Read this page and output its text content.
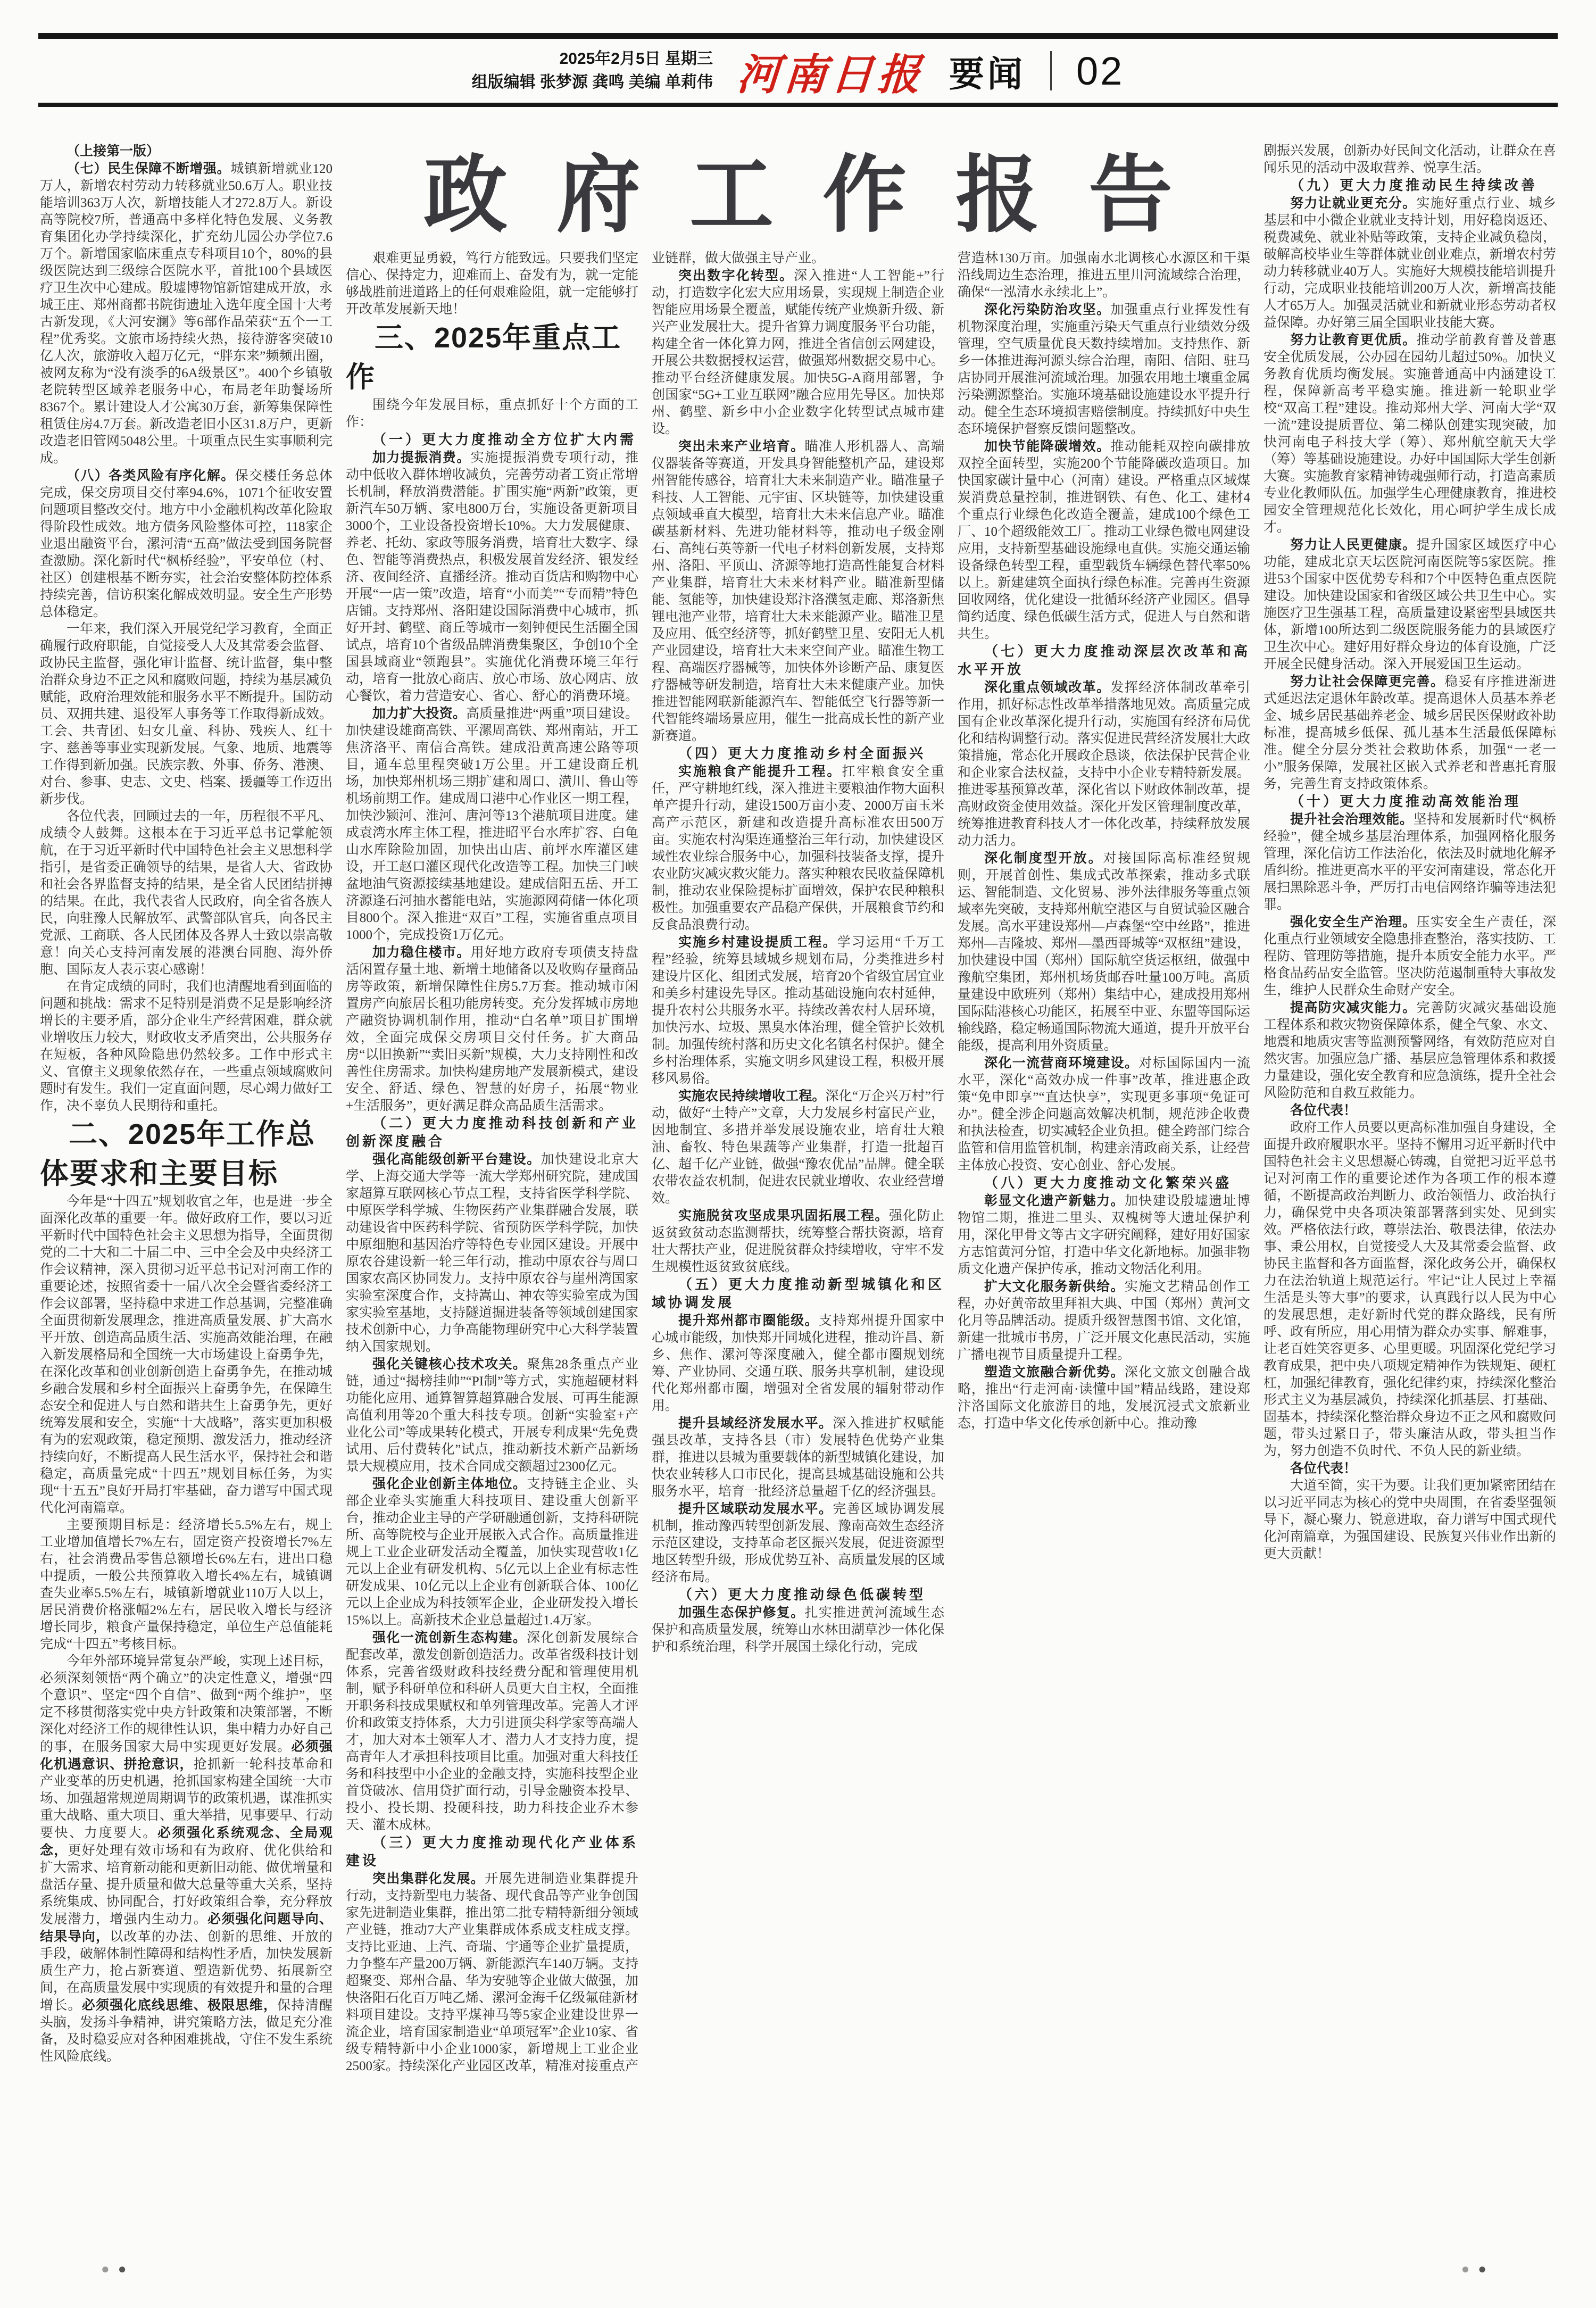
2025年2月5日 星期三
组版编辑 张梦源 龚鸣 美编 单莉伟 河南日报 要闻 02
政府工作报告

（上接第一版）

（七）民生保障不断增强。城镇新增就业120万人，新增农村劳动力转移就业50.6万人。职业技能培训363万人次，新增技能人才272.8万人。新设高等院校7所，普通高中多样化特色发展、义务教育集团化办学持续深化，扩充幼儿园公办学位7.6万个。新增国家临床重点专科项目10个，80%的县级医院达到三级综合医院水平，首批100个县域医疗卫生次中心建成。殷墟博物馆新馆建成开放，永城王庄、郑州商都书院街遗址入选年度全国十大考古新发现，《大河安澜》等6部作品荣获“五个一工程”优秀奖。文旅市场持续火热，接待游客突破10亿人次，旅游收入超万亿元，“胖东来”频频出圈，被网友称为“没有淡季的6A级景区”。400个乡镇敬老院转型区域养老服务中心，布局老年助餐场所8367个。累计建设人才公寓30万套，新筹集保障性租赁住房4.7万套。新改造老旧小区31.8万户，更新改造老旧管网5048公里。十项重点民生实事顺利完成。

（八）各类风险有序化解。保交楼任务总体完成，保交房项目交付率94.6%，1071个征收安置问题项目整改交付。地方中小金融机构改革化险取得阶段性成效。地方债务风险整体可控，118家企业退出融资平台，漯河清“五高”做法受到国务院督查激励。深化新时代“枫桥经验”，平安单位（村、社区）创建根基不断夯实，社会治安整体防控体系持续完善，信访积案化解成效明显。安全生产形势总体稳定。

一年来，我们深入开展党纪学习教育，全面正确履行政府职能，自觉接受人大及其常委会监督、政协民主监督，强化审计监督、统计监督，集中整治群众身边不正之风和腐败问题，持续为基层减负赋能，政府治理效能和服务水平不断提升。国防动员、双拥共建、退役军人事务等工作取得新成效。工会、共青团、妇女儿童、科协、残疾人、红十字、慈善等事业实现新发展。气象、地质、地震等工作得到新加强。民族宗教、外事、侨务、港澳、对台、参事、史志、文史、档案、援疆等工作迈出新步伐。

各位代表，回顾过去的一年，历程很不平凡、成绩令人鼓舞。这根本在于习近平总书记掌舵领航，在于习近平新时代中国特色社会主义思想科学指引，是省委正确领导的结果，是省人大、省政协和社会各界监督支持的结果，是全省人民团结拼搏的结果。在此，我代表省人民政府，向全省各族人民，向驻豫人民解放军、武警部队官兵，向各民主党派、工商联、各人民团体及各界人士致以崇高敬意！向关心支持河南发展的港澳台同胞、海外侨胞、国际友人表示衷心感谢！

在肯定成绩的同时，我们也清醒地看到面临的问题和挑战：需求不足特别是消费不足是影响经济增长的主要矛盾，部分企业生产经营困难，群众就业增收压力较大，财政收支矛盾突出，公共服务存在短板，各种风险隐患仍然较多。工作中形式主义、官僚主义现象依然存在，一些重点领域腐败问题时有发生。我们一定直面问题，尽心竭力做好工作，决不辜负人民期待和重托。

二、2025年工作总体要求和主要目标

今年是“十四五”规划收官之年，也是进一步全面深化改革的重要一年。做好政府工作，要以习近平新时代中国特色社会主义思想为指导，全面贯彻党的二十大和二十届二中、三中全会及中央经济工作会议精神，深入贯彻习近平总书记对河南工作的重要论述，按照省委十一届八次全会暨省委经济工作会议部署，坚持稳中求进工作总基调，完整准确全面贯彻新发展理念，推进高质量发展、扩大高水平开放、创造高品质生活、实施高效能治理，在融入新发展格局和全国统一大市场建设上奋勇争先，在深化改革和创业创新创造上奋勇争先，在推动城乡融合发展和乡村全面振兴上奋勇争先，在保障生态安全和促进人与自然和谐共生上奋勇争先，更好统筹发展和安全，实施“十大战略”，落实更加积极有为的宏观政策，稳定预期、激发活力，推动经济持续向好，不断提高人民生活水平，保持社会和谐稳定，高质量完成“十四五”规划目标任务，为实现“十五五”良好开局打牢基础，奋力谱写中国式现代化河南篇章。

主要预期目标是：经济增长5.5%左右，规上工业增加值增长7%左右，固定资产投资增长7%左右，社会消费品零售总额增长6%左右，进出口稳中提质，一般公共预算收入增长4%左右，城镇调查失业率5.5%左右，城镇新增就业110万人以上，居民消费价格涨幅2%左右，居民收入增长与经济增长同步，粮食产量保持稳定，单位生产总值能耗完成“十四五”考核目标。

今年外部环境异常复杂严峻，实现上述目标，必须深刻领悟“两个确立”的决定性意义，增强“四个意识”、坚定“四个自信”、做到“两个维护”，坚定不移贯彻落实党中央方针政策和决策部署，不断深化对经济工作的规律性认识，集中精力办好自己的事，在服务国家大局中实现更好发展。必须强化机遇意识、拼抢意识，抢抓新一轮科技革命和产业变革的历史机遇，抢抓国家构建全国统一大市场、加强超常规逆周期调节的政策机遇，谋准抓实重大战略、重大项目、重大举措，见事要早、行动要快、力度要大。必须强化系统观念、全局观念，更好处理有效市场和有为政府、优化供给和扩大需求、培育新动能和更新旧动能、做优增量和盘活存量、提升质量和做大总量等重大关系，坚持系统集成、协同配合，打好政策组合拳，充分释放发展潜力，增强内生动力。必须强化问题导向、结果导向，以改革的办法、创新的思维、开放的手段，破解体制性障碍和结构性矛盾，加快发展新质生产力，抢占新赛道、塑造新优势、拓展新空间，在高质量发展中实现质的有效提升和量的合理增长。必须强化底线思维、极限思维，保持清醒头脑，发扬斗争精神，讲究策略方法，做足充分准备，及时稳妥应对各种困难挑战，守住不发生系统性风险底线。

艰难更显勇毅，笃行方能致远。只要我们坚定信心、保持定力，迎难而上、奋发有为，就一定能够战胜前进道路上的任何艰难险阻，就一定能够打开改革发展新天地！

三、2025年重点工作

围绕今年发展目标，重点抓好十个方面的工作：

（一）更大力度推动全方位扩大内需

加力提振消费。实施提振消费专项行动，推动中低收入群体增收减负，完善劳动者工资正常增长机制，释放消费潜能。扩围实施“两新”政策，更新汽车50万辆、家电800万台，实施设备更新项目3000个，工业设备投资增长10%。大力发展健康、养老、托幼、家政等服务消费，培育壮大数字、绿色、智能等消费热点，积极发展首发经济、银发经济、夜间经济、直播经济。推动百货店和购物中心开展“一店一策”改造，培育“小而美”“专而精”特色店铺。支持郑州、洛阳建设国际消费中心城市，抓好开封、鹤壁、商丘等城市一刻钟便民生活圈全国试点，培育10个省级品牌消费集聚区，争创10个全国县域商业“领跑县”。实施优化消费环境三年行动，培育一批放心商店、放心市场、放心网店、放心餐饮，着力营造安心、省心、舒心的消费环境。

加力扩大投资。高质量推进“两重”项目建设。加快建设雄商高铁、平漯周高铁、郑州南站，开工焦济洛平、南信合高铁。建成沿黄高速公路等项目，通车总里程突破1万公里。开工建设商丘机场，加快郑州机场三期扩建和周口、潢川、鲁山等机场前期工作。建成周口港中心作业区一期工程，加快沙颍河、淮河、唐河等13个港航项目进度。建成袁湾水库主体工程，推进昭平台水库扩容、白龟山水库除险加固，加快出山店、前坪水库灌区建设，开工赵口灌区现代化改造等工程。加快三门峡盆地油气资源接续基地建设。建成信阳五岳、开工济源逢石河抽水蓄能电站，实施源网荷储一体化项目800个。深入推进“双百”工程，实施省重点项目1000个，完成投资1万亿元。

加力稳住楼市。用好地方政府专项债支持盘活闲置存量土地、新增土地储备以及收购存量商品房等政策，新增保障性住房5.7万套。推动城市闲置房产向旅居长租功能房转变。充分发挥城市房地产融资协调机制作用，推动“白名单”项目扩围增效，全面完成保交房项目交付任务。扩大商品房“以旧换新”“卖旧买新”规模，大力支持刚性和改善性住房需求。加快构建房地产发展新模式，建设安全、舒适、绿色、智慧的好房子，拓展“物业+生活服务”，更好满足群众高品质生活需求。

（二）更大力度推动科技创新和产业创新深度融合

强化高能级创新平台建设。加快建设北京大学、上海交通大学等一流大学郑州研究院，建成国家超算互联网核心节点工程，支持省医学科学院、中原医学科学城、生物医药产业集群融合发展，联动建设省中医药科学院、省预防医学科学院，加快中原细胞和基因治疗等特色专业园区建设。开展中原农谷建设新一轮三年行动，推动中原农谷与周口国家农高区协同发力。支持中原农谷与崖州湾国家实验室深度合作，支持嵩山、神农等实验室成为国家实验室基地，支持隧道掘进装备等领域创建国家技术创新中心，力争高能物理研究中心大科学装置纳入国家规划。

强化关键核心技术攻关。聚焦28条重点产业链，通过“揭榜挂帅”“PI制”等方式，实施超硬材料功能化应用、通算智算超算融合发展、可再生能源高值利用等20个重大科技专项。创新“实验室+产业化公司”等成果转化模式，开展专利成果“先免费试用、后付费转化”试点，推动新技术新产品新场景大规模应用，技术合同成交额超过2300亿元。

强化企业创新主体地位。支持链主企业、头部企业牵头实施重大科技项目、建设重大创新平台，推动企业主导的产学研融通创新，支持科研院所、高等院校与企业开展嵌入式合作。高质量推进规上工业企业研发活动全覆盖，加快实现营收1亿元以上企业有研发机构、5亿元以上企业有标志性研发成果、10亿元以上企业有创新联合体、100亿元以上企业成为科技领军企业，企业研发投入增长15%以上。高新技术企业总量超过1.4万家。

强化一流创新生态构建。深化创新发展综合配套改革，激发创新创造活力。改革省级科技计划体系，完善省级财政科技经费分配和管理使用机制，赋予科研单位和科研人员更大自主权，全面推开职务科技成果赋权和单列管理改革。完善人才评价和政策支持体系，大力引进顶尖科学家等高端人才，加大对本土领军人才、潜力人才支持力度，提高青年人才承担科技项目比重。加强对重大科技任务和科技型中小企业的金融支持，实施科技型企业首贷破冰、信用贷扩面行动，引导金融资本投早、投小、投长期、投硬科技，助力科技企业乔木参天、灌木成林。

（三）更大力度推动现代化产业体系建设

突出集群化发展。开展先进制造业集群提升行动，支持新型电力装备、现代食品等产业争创国家先进制造业集群，推出第二批专精特新细分领域产业链，推动7大产业集群成体系成支柱成支撑。支持比亚迪、上汽、奇瑞、宇通等企业扩量提质，力争整车产量200万辆、新能源汽车140万辆。支持超聚变、郑州合晶、华为安驰等企业做大做强，加快洛阳石化百万吨乙烯、漯河金海千亿级氟硅新材料项目建设。支持平煤神马等5家企业建设世界一流企业，培育国家制造业“单项冠军”企业10家、省级专精特新中小企业1000家，新增规上工业企业2500家。持续深化产业园区改革，精准对接重点产

业链群，做大做强主导产业。

突出数字化转型。深入推进“人工智能+”行动，打造数字化宏大应用场景，实现规上制造企业智能应用场景全覆盖，赋能传统产业焕新升级、新兴产业发展壮大。提升省算力调度服务平台功能，构建全省一体化算力网，推进全省信创云网建设，开展公共数据授权运营，做强郑州数据交易中心。推动平台经济健康发展。加快5G-A商用部署，争创国家“5G+工业互联网”融合应用先导区。加快郑州、鹤壁、新乡中小企业数字化转型试点城市建设。

突出未来产业培育。瞄准人形机器人、高端仪器装备等赛道，开发具身智能整机产品，建设郑州智能传感谷，培育壮大未来制造产业。瞄准量子科技、人工智能、元宇宙、区块链等，加快建设重点领域垂直大模型，培育壮大未来信息产业。瞄准碳基新材料、先进功能材料等，推动电子级金刚石、高纯石英等新一代电子材料创新发展，支持郑州、洛阳、平顶山、济源等地打造高性能复合材料产业集群，培育壮大未来材料产业。瞄准新型储能、氢能等，加快建设郑汴洛濮氢走廊、郑洛新焦锂电池产业带，培育壮大未来能源产业。瞄准卫星及应用、低空经济等，抓好鹤壁卫星、安阳无人机产业园建设，培育壮大未来空间产业。瞄准生物工程、高端医疗器械等，加快体外诊断产品、康复医疗器械等研发制造，培育壮大未来健康产业。加快推进智能网联新能源汽车、智能低空飞行器等新一代智能终端场景应用，催生一批高成长性的新产业新赛道。

（四）更大力度推动乡村全面振兴

实施粮食产能提升工程。扛牢粮食安全重任，严守耕地红线，深入推进主要粮油作物大面积单产提升行动，建设1500万亩小麦、2000万亩玉米高产示范区，新建和改造提升高标准农田500万亩。实施农村沟渠连通整治三年行动，加快建设区域性农业综合服务中心，加强科技装备支撑，提升农业防灾减灾救灾能力。落实种粮农民收益保障机制，推动农业保险提标扩面增效，保护农民种粮积极性。加强重要农产品稳产保供，开展粮食节约和反食品浪费行动。

实施乡村建设提质工程。学习运用“千万工程”经验，统筹县域城乡规划布局，分类推进乡村建设片区化、组团式发展，培育20个省级宜居宜业和美乡村建设先导区。推动基础设施向农村延伸，提升农村公共服务水平。持续改善农村人居环境，加快污水、垃圾、黑臭水体治理，健全管护长效机制。加强传统村落和历史文化名镇名村保护。健全乡村治理体系，实施文明乡风建设工程，积极开展移风易俗。

实施农民持续增收工程。深化“万企兴万村”行动，做好“土特产”文章，大力发展乡村富民产业，因地制宜、多措并举发展设施农业，培育壮大粮油、畜牧、特色果蔬等产业集群，打造一批超百亿、超千亿产业链，做强“豫农优品”品牌。健全联农带农益农机制，促进农民就业增收、农业经营增效。

实施脱贫攻坚成果巩固拓展工程。强化防止返贫致贫动态监测帮扶，统筹整合帮扶资源，培育壮大帮扶产业，促进脱贫群众持续增收，守牢不发生规模性返贫致贫底线。

（五）更大力度推动新型城镇化和区域协调发展

提升郑州都市圈能级。支持郑州提升国家中心城市能级，加快郑开同城化进程，推动许昌、新乡、焦作、漯河等深度融入，健全都市圈规划统筹、产业协同、交通互联、服务共享机制，建设现代化郑州都市圈，增强对全省发展的辐射带动作用。

提升县域经济发展水平。深入推进扩权赋能强县改革，支持各县（市）发展特色优势产业集群，推进以县城为重要载体的新型城镇化建设，加快农业转移人口市民化，提高县城基础设施和公共服务水平，培育一批经济总量超千亿的经济强县。

提升区域联动发展水平。完善区域协调发展机制，推动豫西转型创新发展、豫南高效生态经济示范区建设，支持革命老区振兴发展，促进资源型地区转型升级，形成优势互补、高质量发展的区域经济布局。

（六）更大力度推动绿色低碳转型

加强生态保护修复。扎实推进黄河流域生态保护和高质量发展，统筹山水林田湖草沙一体化保护和系统治理，科学开展国土绿化行动，完成

营造林130万亩。加强南水北调核心水源区和干渠沿线周边生态治理，推进五里川河流域综合治理，确保“一泓清水永续北上”。

深化污染防治攻坚。加强重点行业挥发性有机物深度治理，实施重污染天气重点行业绩效分级管理，空气质量优良天数持续增加。支持焦作、新乡一体推进海河源头综合治理，南阳、信阳、驻马店协同开展淮河流域治理。加强农用地土壤重金属污染溯源整治。实施环境基础设施建设水平提升行动。健全生态环境损害赔偿制度。持续抓好中央生态环境保护督察反馈问题整改。

加快节能降碳增效。推动能耗双控向碳排放双控全面转型，实施200个节能降碳改造项目。加快国家碳计量中心（河南）建设。严格重点区域煤炭消费总量控制，推进钢铁、有色、化工、建材4个重点行业绿色化改造全覆盖，建成100个绿色工厂、10个超级能效工厂。推动工业绿色微电网建设应用，支持新型基础设施绿电直供。实施交通运输设备绿色转型工程，重型载货车辆绿色替代率50%以上。新建建筑全面执行绿色标准。完善再生资源回收网络，优化建设一批循环经济产业园区。倡导简约适度、绿色低碳生活方式，促进人与自然和谐共生。

（七）更大力度推动深层次改革和高水平开放

深化重点领域改革。发挥经济体制改革牵引作用，抓好标志性改革举措落地见效。高质量完成国有企业改革深化提升行动，实施国有经济布局优化和结构调整行动。落实促进民营经济发展壮大政策措施，常态化开展政企恳谈，依法保护民营企业和企业家合法权益，支持中小企业专精特新发展。推进零基预算改革，深化省以下财政体制改革，提高财政资金使用效益。深化开发区管理制度改革，统筹推进教育科技人才一体化改革，持续释放发展动力活力。

深化制度型开放。对接国际高标准经贸规则，开展首创性、集成式改革探索，推动多式联运、智能制造、文化贸易、涉外法律服务等重点领域率先突破，支持郑州航空港区与自贸试验区融合发展。高水平建设郑州—卢森堡“空中丝路”，推进郑州—吉隆坡、郑州—墨西哥城等“双枢纽”建设，加快建设中国（郑州）国际航空货运枢纽，做强中豫航空集团，郑州机场货邮吞吐量100万吨。高质量建设中欧班列（郑州）集结中心，建成投用郑州国际陆港核心功能区，拓展至中亚、东盟等国际运输线路，稳定畅通国际物流大通道，提升开放平台能级，提高利用外资质量。

深化一流营商环境建设。对标国际国内一流水平，深化“高效办成一件事”改革，推进惠企政策“免申即享”“直达快享”，实现更多事项“免证可办”。健全涉企问题高效解决机制，规范涉企收费和执法检查，切实减轻企业负担。健全跨部门综合监管和信用监管机制，构建亲清政商关系，让经营主体放心投资、安心创业、舒心发展。

（八）更大力度推动文化繁荣兴盛

彰显文化遗产新魅力。加快建设殷墟遗址博物馆二期，推进二里头、双槐树等大遗址保护利用，深化甲骨文等古文字研究阐释，建好用好国家方志馆黄河分馆，打造中华文化新地标。加强非物质文化遗产保护传承，推动文物活化利用。

扩大文化服务新供给。实施文艺精品创作工程，办好黄帝故里拜祖大典、中国（郑州）黄河文化月等品牌活动。提质升级智慧图书馆、文化馆，新建一批城市书房，广泛开展文化惠民活动，实施广播电视节目质量提升工程。

塑造文旅融合新优势。深化文旅文创融合战略，推出“行走河南·读懂中国”精品线路，建设郑汴洛国际文化旅游目的地，发展沉浸式文旅新业态，打造中华文化传承创新中心。推动豫

剧振兴发展，创新办好民间文化活动，让群众在喜闻乐见的活动中汲取营养、悦享生活。

（九）更大力度推动民生持续改善

努力让就业更充分。实施好重点行业、城乡基层和中小微企业就业支持计划，用好稳岗返还、税费减免、就业补贴等政策，支持企业减负稳岗，破解高校毕业生等群体就业创业难点，新增农村劳动力转移就业40万人。实施好大规模技能培训提升行动，完成职业技能培训200万人次，新增高技能人才65万人。加强灵活就业和新就业形态劳动者权益保障。办好第三届全国职业技能大赛。

努力让教育更优质。推动学前教育普及普惠安全优质发展，公办园在园幼儿超过50%。加快义务教育优质均衡发展。实施普通高中内涵建设工程，保障新高考平稳实施。推进新一轮职业学校“双高工程”建设。推动郑州大学、河南大学“双一流”建设提质晋位、第二梯队创建实现突破，加快河南电子科技大学（筹）、郑州航空航天大学（筹）等基础设施建设。办好中国国际大学生创新大赛。实施教育家精神铸魂强师行动，打造高素质专业化教师队伍。加强学生心理健康教育，推进校园安全管理规范化长效化，用心呵护学生成长成才。

努力让人民更健康。提升国家区域医疗中心功能，建成北京天坛医院河南医院等5家医院。推进53个国家中医优势专科和7个中医特色重点医院建设。加快建设国家和省级区域公共卫生中心。实施医疗卫生强基工程，高质量建设紧密型县域医共体，新增100所达到二级医院服务能力的县域医疗卫生次中心。建好用好群众身边的体育设施，广泛开展全民健身活动。深入开展爱国卫生运动。

努力让社会保障更完善。稳妥有序推进渐进式延迟法定退休年龄改革。提高退休人员基本养老金、城乡居民基础养老金、城乡居民医保财政补助标准，提高城乡低保、孤儿基本生活最低保障标准。健全分层分类社会救助体系，加强“一老一小”服务保障，发展社区嵌入式养老和普惠托育服务，完善生育支持政策体系。

（十）更大力度推动高效能治理

提升社会治理效能。坚持和发展新时代“枫桥经验”，健全城乡基层治理体系，加强网格化服务管理，深化信访工作法治化，依法及时就地化解矛盾纠纷。推进更高水平的平安河南建设，常态化开展扫黑除恶斗争，严厉打击电信网络诈骗等违法犯罪。

强化安全生产治理。压实安全生产责任，深化重点行业领域安全隐患排查整治，落实技防、工程防、管理防等措施，提升本质安全能力水平。严格食品药品安全监管。坚决防范遏制重特大事故发生，维护人民群众生命财产安全。

提高防灾减灾能力。完善防灾减灾基础设施工程体系和救灾物资保障体系，健全气象、水文、地震和地质灾害等监测预警网络，有效防范应对自然灾害。加强应急广播、基层应急管理体系和救援力量建设，强化安全教育和应急演练，提升全社会风险防范和自救互救能力。

各位代表！

政府工作人员要以更高标准加强自身建设，全面提升政府履职水平。坚持不懈用习近平新时代中国特色社会主义思想凝心铸魂，自觉把习近平总书记对河南工作的重要论述作为各项工作的根本遵循，不断提高政治判断力、政治领悟力、政治执行力，确保党中央各项决策部署落到实处、见到实效。严格依法行政，尊崇法治、敬畏法律，依法办事、秉公用权，自觉接受人大及其常委会监督、政协民主监督和各方面监督，深化政务公开，确保权力在法治轨道上规范运行。牢记“让人民过上幸福生活是头等大事”的要求，认真践行以人民为中心的发展思想，走好新时代党的群众路线，民有所呼、政有所应，用心用情为群众办实事、解难事，让老百姓笑容更多、心里更暖。巩固深化党纪学习教育成果，把中央八项规定精神作为铁规矩、硬杠杠，加强纪律教育，强化纪律约束，持续深化整治形式主义为基层减负，持续深化抓基层、打基础、固基本，持续深化整治群众身边不正之风和腐败问题，带头过紧日子，带头廉洁从政，带头担当作为，努力创造不负时代、不负人民的新业绩。

各位代表！

大道至简，实干为要。让我们更加紧密团结在以习近平同志为核心的党中央周围，在省委坚强领导下，凝心聚力、锐意进取，奋力谱写中国式现代化河南篇章，为强国建设、民族复兴伟业作出新的更大贡献！

●●	●●
